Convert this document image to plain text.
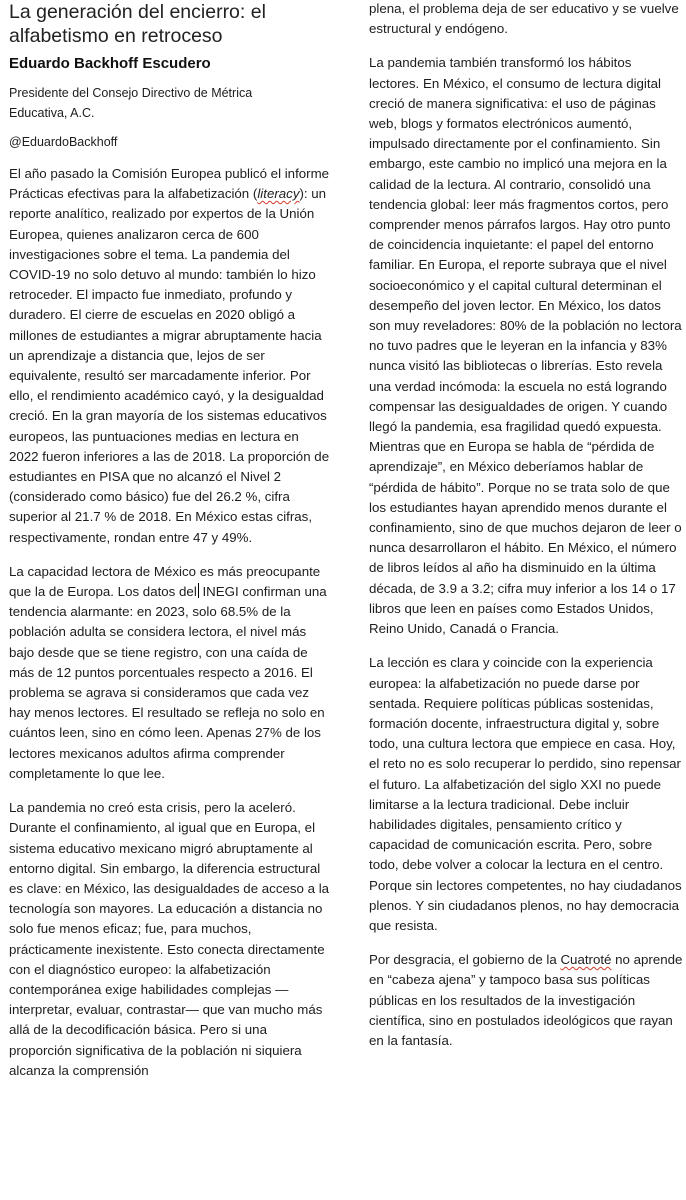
La generación del encierro: el
alfabetismo en retroceso
Eduardo Backhoff Escudero
Presidente del Consejo Directivo de Métrica
Educativa, A.C.
@EduardoBackhoff

El año pasado la Comisión Europea publicó el informe Prácticas efectivas para la alfabetización (literacy): un reporte analítico, realizado por expertos de la Unión Europea, quienes analizaron cerca de 600 investigaciones sobre el tema. La pandemia del COVID-19 no solo detuvo al mundo: también lo hizo retroceder. El impacto fue inmediato, profundo y duradero. El cierre de escuelas en 2020 obligó a millones de estudiantes a migrar abruptamente hacia un aprendizaje a distancia que, lejos de ser equivalente, resultó ser marcadamente inferior. Por ello, el rendimiento académico cayó, y la desigualdad creció. En la gran mayoría de los sistemas educativos europeos, las puntuaciones medias en lectura en 2022 fueron inferiores a las de 2018. La proporción de estudiantes en PISA que no alcanzó el Nivel 2 (considerado como básico) fue del 26.2 %, cifra superior al 21.7 % de 2018. En México estas cifras, respectivamente, rondan entre 47 y 49%.

La capacidad lectora de México es más preocupante que la de Europa. Los datos del INEGI confirman una tendencia alarmante: en 2023, solo 68.5% de la población adulta se considera lectora, el nivel más bajo desde que se tiene registro, con una caída de más de 12 puntos porcentuales respecto a 2016. El problema se agrava si consideramos que cada vez hay menos lectores. El resultado se refleja no solo en cuántos leen, sino en cómo leen. Apenas 27% de los lectores mexicanos adultos afirma comprender completamente lo que lee.

La pandemia no creó esta crisis, pero la aceleró. Durante el confinamiento, al igual que en Europa, el sistema educativo mexicano migró abruptamente al entorno digital. Sin embargo, la diferencia estructural es clave: en México, las desigualdades de acceso a la tecnología son mayores. La educación a distancia no solo fue menos eficaz; fue, para muchos, prácticamente inexistente. Esto conecta directamente con el diagnóstico europeo: la alfabetización contemporánea exige habilidades complejas —interpretar, evaluar, contrastar— que van mucho más allá de la decodificación básica. Pero si una proporción significativa de la población ni siquiera alcanza la comprensión

plena, el problema deja de ser educativo y se vuelve estructural y endógeno.

La pandemia también transformó los hábitos lectores. En México, el consumo de lectura digital creció de manera significativa: el uso de páginas web, blogs y formatos electrónicos aumentó, impulsado directamente por el confinamiento. Sin embargo, este cambio no implicó una mejora en la calidad de la lectura. Al contrario, consolidó una tendencia global: leer más fragmentos cortos, pero comprender menos párrafos largos. Hay otro punto de coincidencia inquietante: el papel del entorno familiar. En Europa, el reporte subraya que el nivel socioeconómico y el capital cultural determinan el desempeño del joven lector. En México, los datos son muy reveladores: 80% de la población no lectora no tuvo padres que le leyeran en la infancia y 83% nunca visitó las bibliotecas o librerías. Esto revela una verdad incómoda: la escuela no está logrando compensar las desigualdades de origen. Y cuando llegó la pandemia, esa fragilidad quedó expuesta. Mientras que en Europa se habla de “pérdida de aprendizaje”, en México deberíamos hablar de “pérdida de hábito”. Porque no se trata solo de que los estudiantes hayan aprendido menos durante el confinamiento, sino de que muchos dejaron de leer o nunca desarrollaron el hábito. En México, el número de libros leídos al año ha disminuido en la última década, de 3.9 a 3.2; cifra muy inferior a los 14 o 17 libros que leen en países como Estados Unidos, Reino Unido, Canadá o Francia.

La lección es clara y coincide con la experiencia europea: la alfabetización no puede darse por sentada. Requiere políticas públicas sostenidas, formación docente, infraestructura digital y, sobre todo, una cultura lectora que empiece en casa. Hoy, el reto no es solo recuperar lo perdido, sino repensar el futuro. La alfabetización del siglo XXI no puede limitarse a la lectura tradicional. Debe incluir habilidades digitales, pensamiento crítico y capacidad de comunicación escrita. Pero, sobre todo, debe volver a colocar la lectura en el centro. Porque sin lectores competentes, no hay ciudadanos plenos. Y sin ciudadanos plenos, no hay democracia que resista.

Por desgracia, el gobierno de la Cuatroté no aprende en “cabeza ajena” y tampoco basa sus políticas públicas en los resultados de la investigación científica, sino en postulados ideológicos que rayan en la fantasía.
